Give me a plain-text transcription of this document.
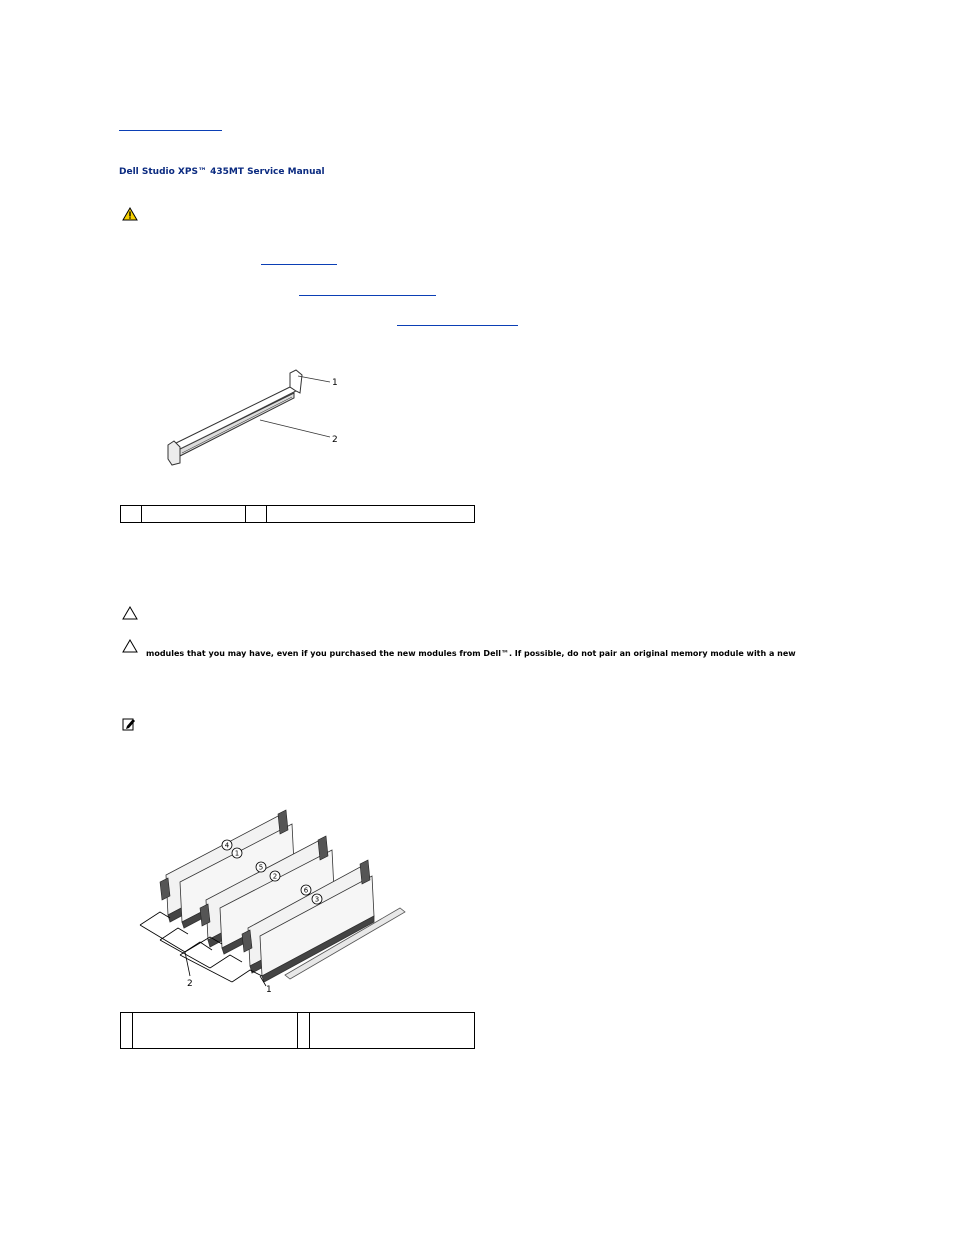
Dell Studio XPS™ 435MT Service Manual
1
2

modules that you may have, even if you purchased the new modules from Dell™. If possible, do not pair an original memory module with a new
4
1
5
2
6
3
2
1
